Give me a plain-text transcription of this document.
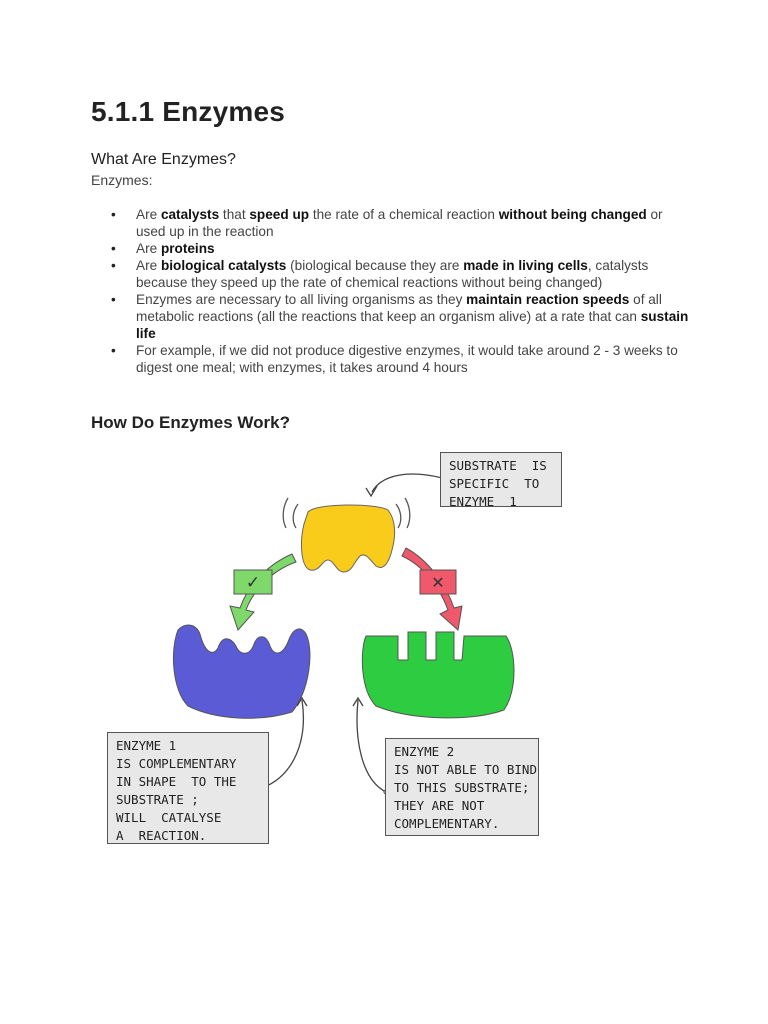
5.1.1 Enzymes
What Are Enzymes?
Enzymes:
• Are catalysts that speed up the rate of a chemical reaction without being changed or used up in the reaction
• Are proteins
• Are biological catalysts (biological because they are made in living cells, catalysts because they speed up the rate of chemical reactions without being changed)
• Enzymes are necessary to all living organisms as they maintain reaction speeds of all metabolic reactions (all the reactions that keep an organism alive) at a rate that can sustain life
• For example, if we did not produce digestive enzymes, it would take around 2 - 3 weeks to digest one meal; with enzymes, it takes around 4 hours
How Do Enzymes Work?
✓	✕
SUBSTRATE  IS
SPECIFIC  TO
ENZYME  1
ENZYME 1
IS COMPLEMENTARY
IN SHAPE  TO THE
SUBSTRATE ;
WILL  CATALYSE
A  REACTION.
ENZYME 2
IS NOT ABLE TO BIND
TO THIS SUBSTRATE;
THEY ARE NOT
COMPLEMENTARY.
